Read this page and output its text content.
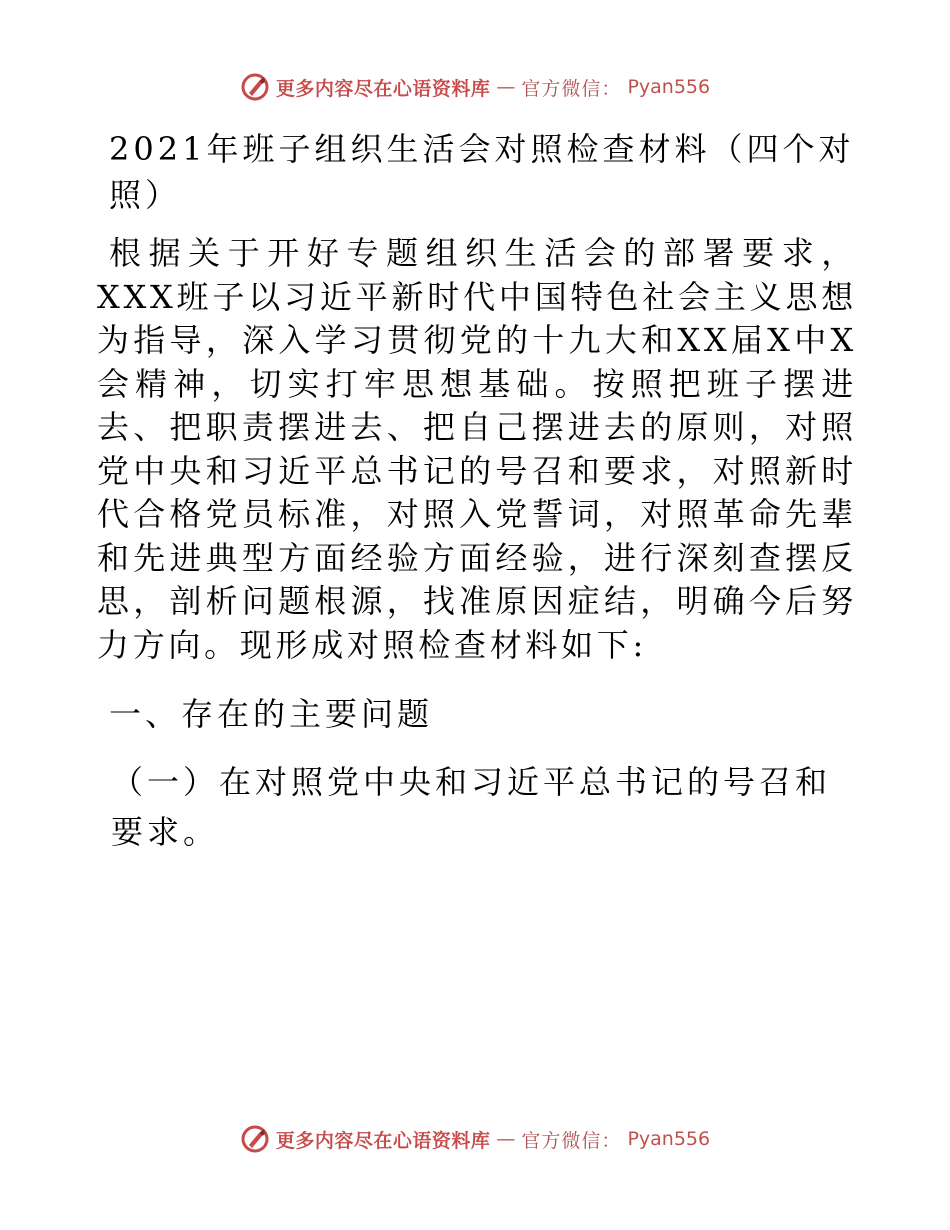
更多内容尽在心语资料库 — 官方微信： Pyan556

2021年班子组织生活会对照检查材料（四个对照）

根据关于开好专题组织生活会的部署要求，XXX班子以习近平新时代中国特色社会主义思想为指导，深入学习贯彻党的十九大和XX届X中X会精神，切实打牢思想基础。按照把班子摆进去、把职责摆进去、把自己摆进去的原则，对照党中央和习近平总书记的号召和要求，对照新时代合格党员标准，对照入党誓词，对照革命先辈和先进典型方面经验方面经验，进行深刻查摆反思，剖析问题根源，找准原因症结，明确今后努力方向。现形成对照检查材料如下:

一、存在的主要问题

（一）在对照党中央和习近平总书记的号召和要求。

更多内容尽在心语资料库 — 官方微信： Pyan556
